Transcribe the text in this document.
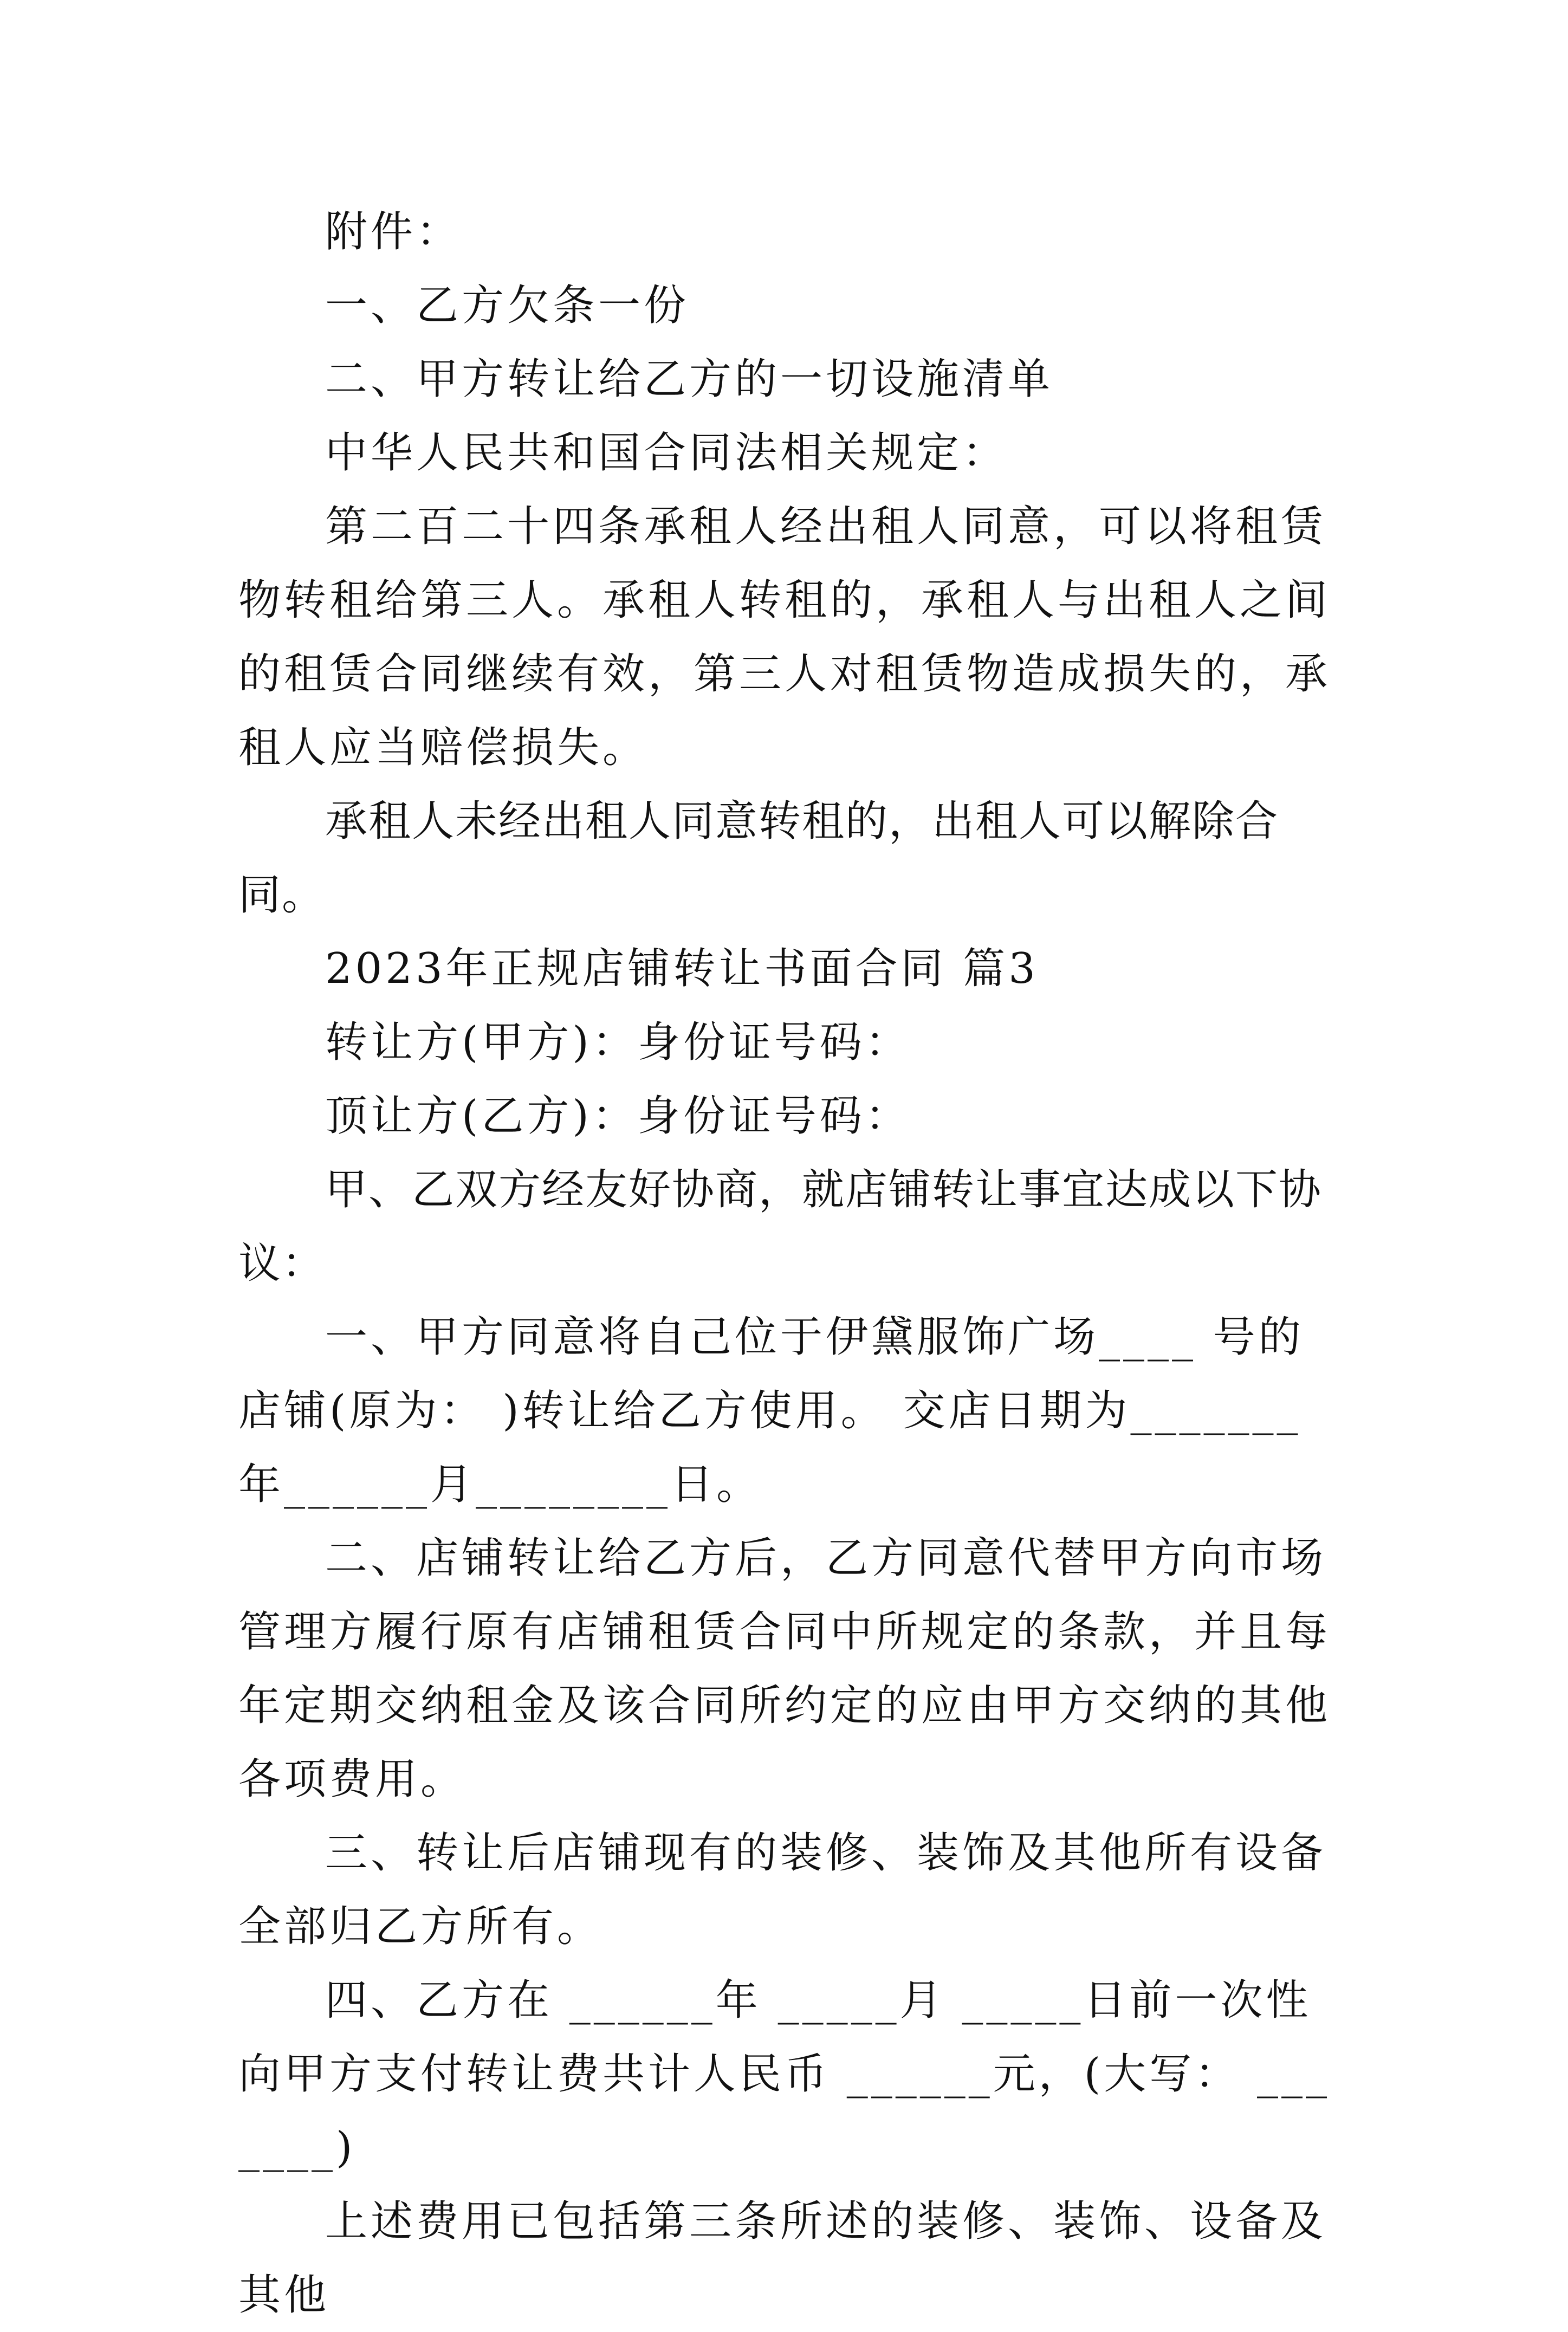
附件：

一、乙方欠条一份

二、甲方转让给乙方的一切设施清单

中华人民共和国合同法相关规定：

第二百二十四条承租人经出租人同意，可以将租赁物转租给第三人。承租人转租的，承租人与出租人之间的租赁合同继续有效，第三人对租赁物造成损失的，承租人应当赔偿损失。

承租人未经出租人同意转租的，出租人可以解除合同。

2023年正规店铺转让书面合同 篇3

转让方(甲方)：身份证号码：

顶让方(乙方)：身份证号码：

甲、乙双方经友好协商，就店铺转让事宜达成以下协议：

一、甲方同意将自己位于伊黛服饰广场____ 号的店铺(原为： )转让给乙方使用。 交店日期为_______年______月________日。

二、店铺转让给乙方后，乙方同意代替甲方向市场管理方履行原有店铺租赁合同中所规定的条款，并且每年定期交纳租金及该合同所约定的应由甲方交纳的其他各项费用。

三、转让后店铺现有的装修、装饰及其他所有设备全部归乙方所有。

四、乙方在 ______年 _____月 _____日前一次性向甲方支付转让费共计人民币 ______元，(大写： _______)

上述费用已包括第三条所述的装修、装饰、设备及其他
